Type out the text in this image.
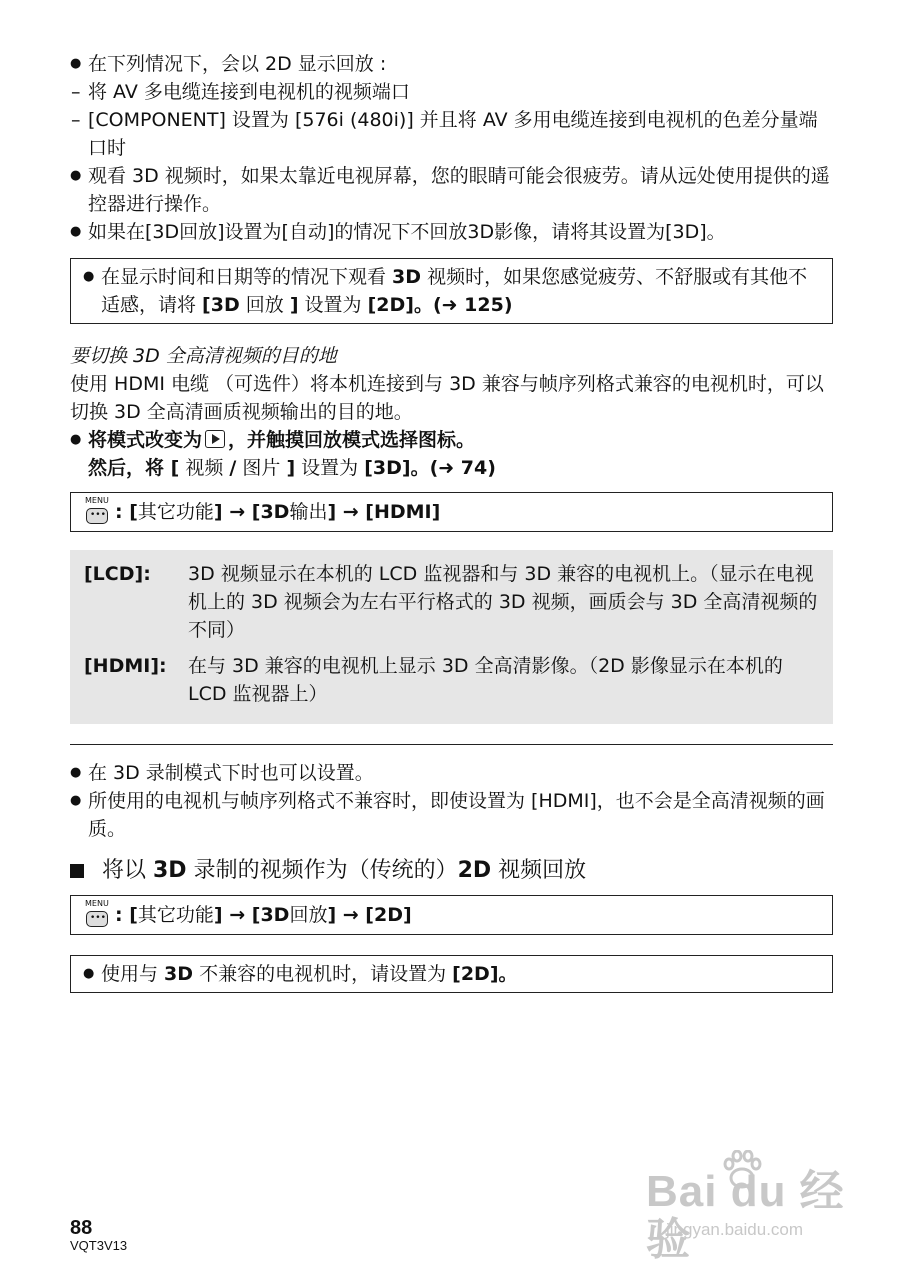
● 在下列情况下，会以 2D 显示回放 :

– 将 AV 多电缆连接到电视机的视频端口

– [COMPONENT] 设置为 [576i (480i)] 并且将 AV 多用电缆连接到电视机的色差分量端口时

● 观看 3D 视频时，如果太靠近电视屏幕，您的眼睛可能会很疲劳。请从远处使用提供的遥控器进行操作。

● 如果在[3D回放]设置为[自动]的情况下不回放3D影像，请将其设置为[3D]。

● 在显示时间和日期等的情况下观看 3D 视频时，如果您感觉疲劳、不舒服或有其他不适感，请将 [3D 回放 ] 设置为 [2D]。(➜ 125)

要切换 3D 全高清视频的目的地

使用 HDMI 电缆 （可选件）将本机连接到与 3D 兼容与帧序列格式兼容的电视机时，可以切换 3D 全高清画质视频输出的目的地。

● 将模式改变为 ，并触摸回放模式选择图标。

然后，将 [ 视频 / 图片 ] 设置为 [3D]。(➜ 74)

MENU
••• : [ 其它功能 ] → [3D 输出 ] → [HDMI]
[LCD]:	3D 视频显示在本机的 LCD 监视器和与 3D 兼容的电视机上。（显示在电视机上的 3D 视频会为左右平行格式的 3D 视频，画质会与 3D 全高清视频的不同）
[HDMI]:	在与 3D 兼容的电视机上显示 3D 全高清影像。（2D 影像显示在本机的 LCD 监视器上）

● 在 3D 录制模式下时也可以设置。

● 所使用的电视机与帧序列格式不兼容时，即使设置为 [HDMI]，也不会是全高清视频的画质。

将以 3D 录制的视频作为（传统的）2D 视频回放
MENU
••• : [ 其它功能 ] → [3D 回放 ] → [2D]

● 使用与 3D 不兼容的电视机时，请设置为 [2D]。

88
VQT3V13
Bai du 经验
jingyan.baidu.com
